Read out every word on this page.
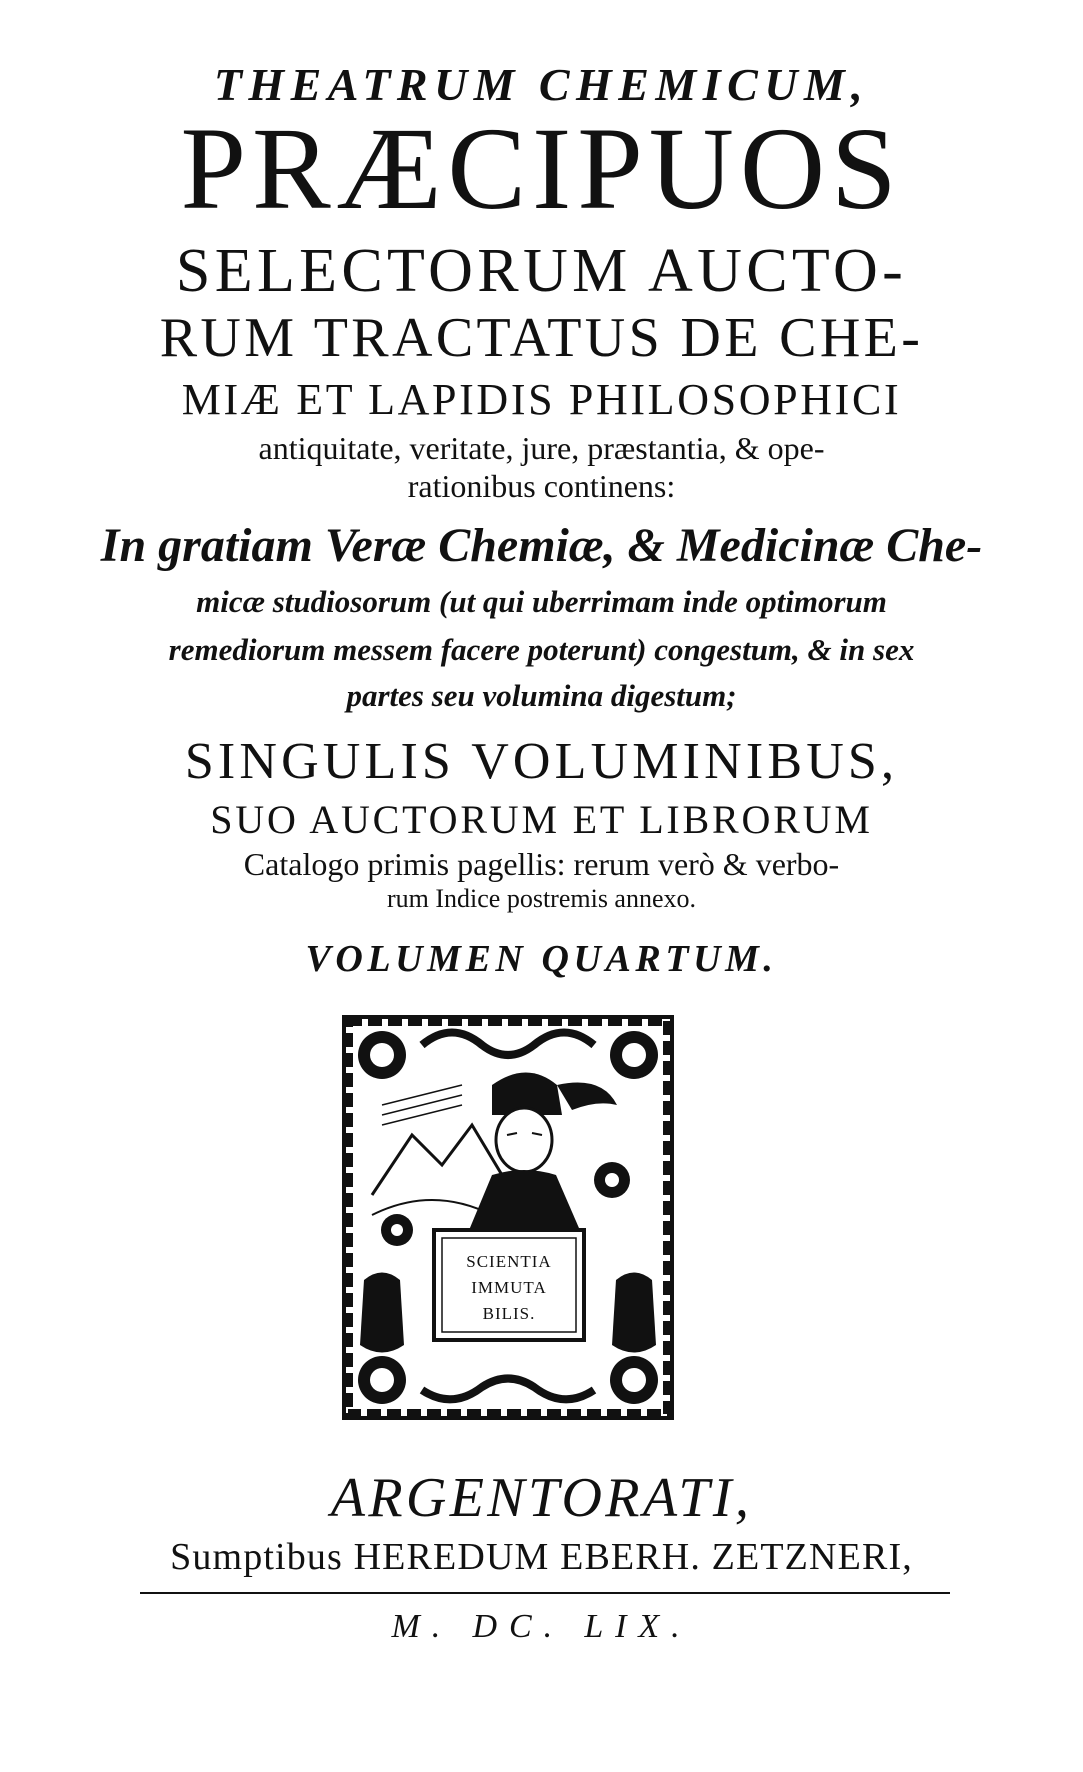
THEATRUM CHEMICUM,
PRÆCIPUOS
SELECTORUM AUCTO-
RUM TRACTATUS DE CHE-
MIÆ ET LAPIDIS PHILOSOPHICI
antiquitate, veritate, jure, præstantia, & ope-
rationibus continens:
In gratiam Veræ Chemiæ, & Medicinæ Che-
micæ studiosorum (ut qui uberrimam inde optimorum
remediorum messem facere poterunt) congestum, & in sex
partes seu volumina digestum;
SINGULIS VOLUMINIBUS,
SUO AUCTORUM ET LIBRORUM
Catalogo primis pagellis: rerum verò & verbo-
rum Indice postremis annexo.
VOLUMEN QUARTUM.
SCIENTIA
IMMUTA
BILIS.
ARGENTORATI,
Sumptibus HEREDUM EBERH. ZETZNERI,
M. DC. LIX.
